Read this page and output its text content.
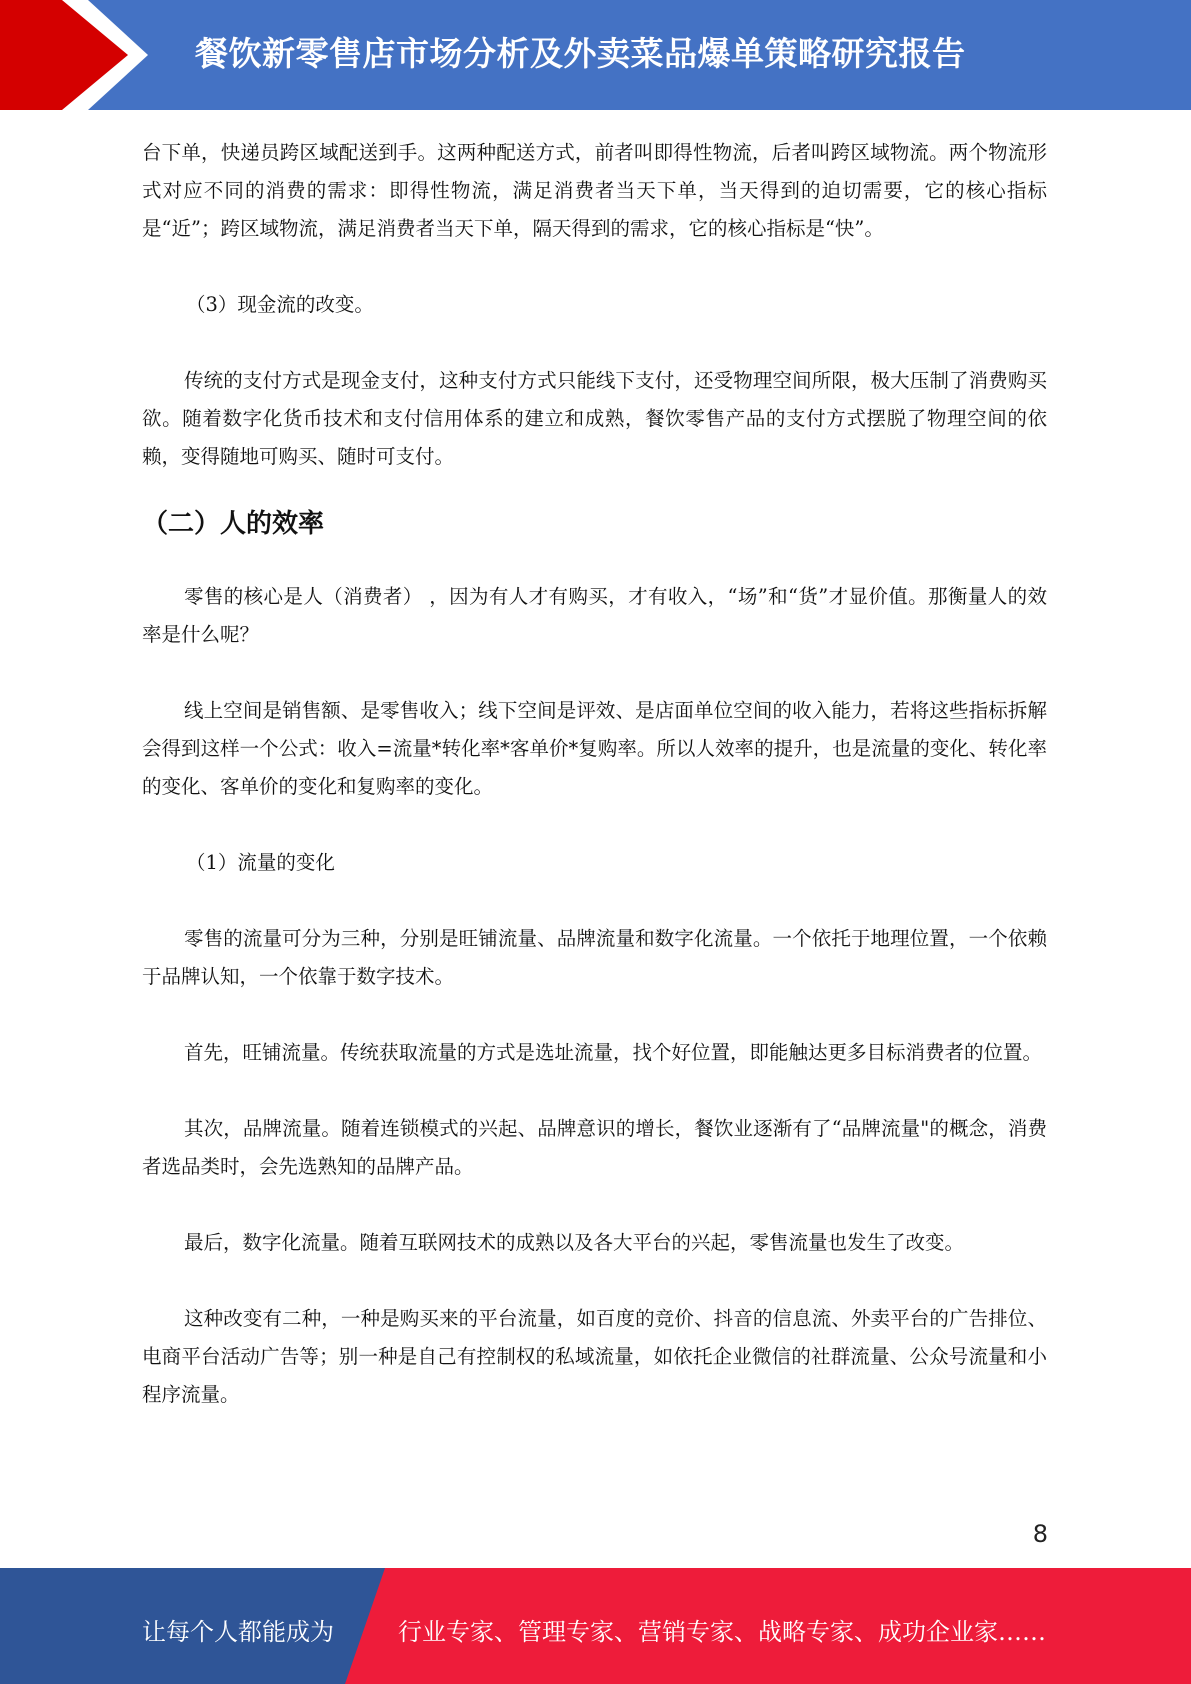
餐饮新零售店市场分析及外卖菜品爆单策略研究报告

台下单，快递员跨区域配送到手。这两种配送方式，前者叫即得性物流，后者叫跨区域物流。两个物流形式对应不同的消费的需求：即得性物流，满足消费者当天下单，当天得到的迫切需要，它的核心指标是“近”；跨区域物流，满足消费者当天下单，隔天得到的需求，它的核心指标是“快”。

（3）现金流的改变。

传统的支付方式是现金支付，这种支付方式只能线下支付，还受物理空间所限，极大压制了消费购买欲。随着数字化货币技术和支付信用体系的建立和成熟，餐饮零售产品的支付方式摆脱了物理空间的依赖，变得随地可购买、随时可支付。

（二）人的效率

零售的核心是人（消费者） ，因为有人才有购买，才有收入，“场”和“货”才显价值。那衡量人的效率是什么呢？

线上空间是销售额、是零售收入；线下空间是评效、是店面单位空间的收入能力，若将这些指标拆解会得到这样一个公式：收入=流量*转化率*客单价*复购率。所以人效率的提升，也是流量的变化、转化率的变化、客单价的变化和复购率的变化。

（1）流量的变化

零售的流量可分为三种，分别是旺铺流量、品牌流量和数字化流量。一个依托于地理位置，一个依赖于品牌认知，一个依靠于数字技术。

首先，旺铺流量。传统获取流量的方式是选址流量，找个好位置，即能触达更多目标消费者的位置。

其次，品牌流量。随着连锁模式的兴起、品牌意识的增长，餐饮业逐渐有了“品牌流量"的概念，消费者选品类时，会先选熟知的品牌产品。

最后，数字化流量。随着互联网技术的成熟以及各大平台的兴起，零售流量也发生了改变。

这种改变有二种，一种是购买来的平台流量，如百度的竞价、抖音的信息流、外卖平台的广告排位、电商平台活动广告等；别一种是自己有控制权的私域流量，如依托企业微信的社群流量、公众号流量和小程序流量。

8
让每个人都能成为	行业专家、管理专家、营销专家、战略专家、成功企业家……
